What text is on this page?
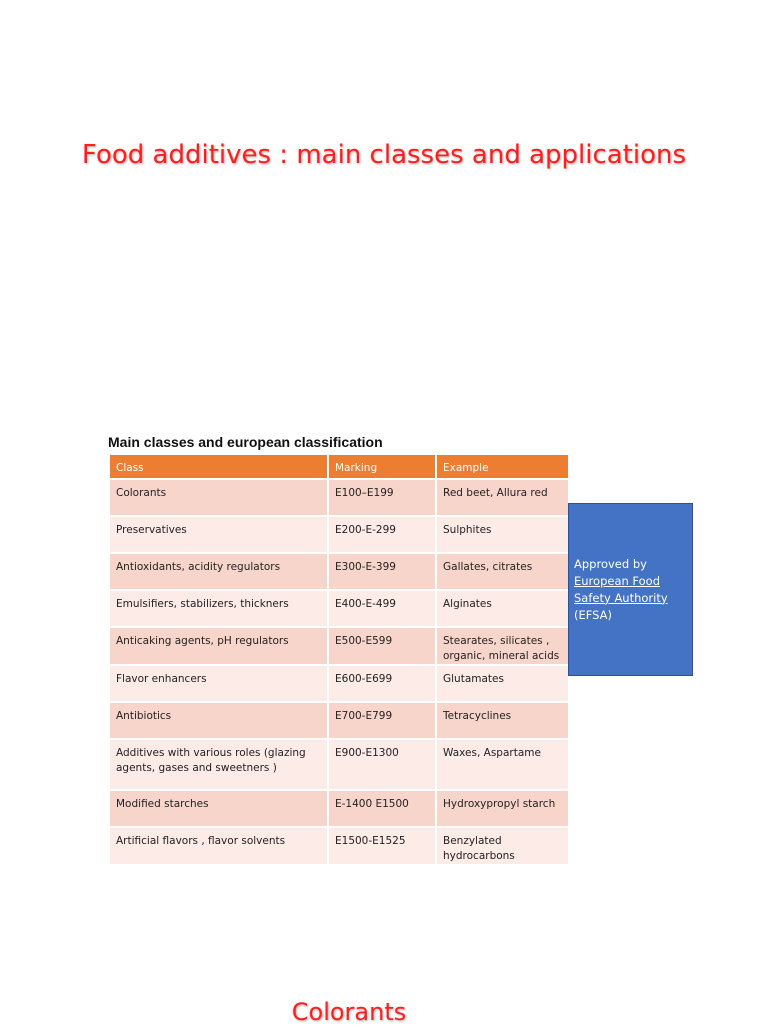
Food additives : main classes and applications
Main classes and european classification
Class	Marking	Example
Colorants	E100–E199	Red beet, Allura red
Preservatives	E200-E-299	Sulphites
Antioxidants, acidity regulators	E300-E-399	Gallates, citrates
Emulsifiers, stabilizers, thickners	E400-E-499	Alginates
Anticaking agents, pH regulators	E500-E599	Stearates, silicates , organic, mineral acids
Flavor enhancers	E600-E699	Glutamates
Antibiotics	E700-E799	Tetracyclines
Additives with various roles (glazing agents, gases and sweetners )	E900-E1300	Waxes, Aspartame
Modified starches	E-1400 E1500	Hydroxypropyl starch
Artificial flavors , flavor solvents	E1500-E1525	Benzylated hydrocarbons
Approved by
European Food Safety Authority (EFSA)
Colorants
